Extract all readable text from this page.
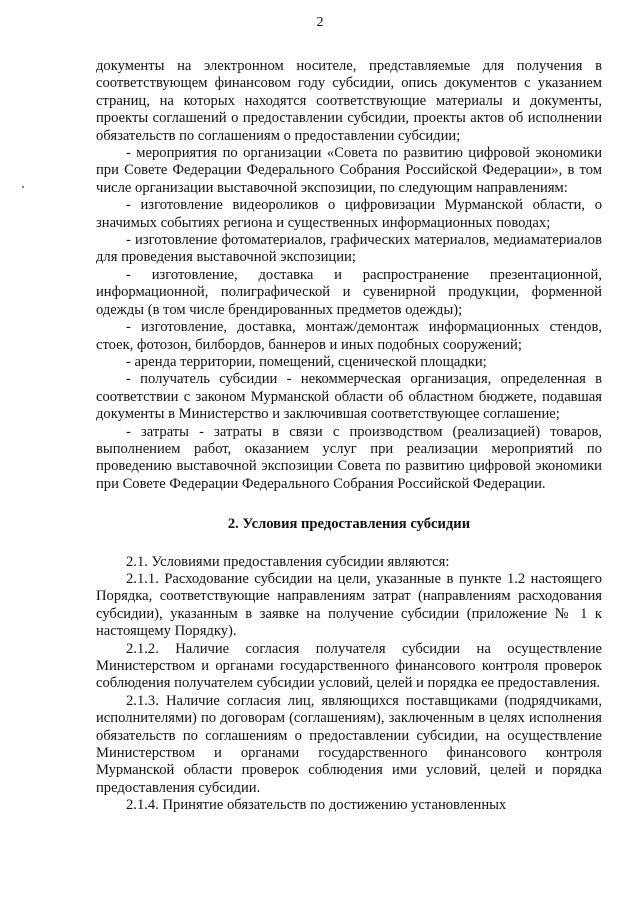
2

документы на электронном носителе, представляемые для получения в соответствующем финансовом году субсидии, опись документов с указанием страниц, на которых находятся соответствующие материалы и документы, проекты соглашений о предоставлении субсидии, проекты актов об исполнении обязательств по соглашениям о предоставлении субсидии;

- мероприятия по организации «Совета по развитию цифровой экономики при Совете Федерации Федерального Собрания Российской Федерации», в том числе организации выставочной экспозиции, по следующим направлениям:

- изготовление видеороликов о цифровизации Мурманской области, о значимых событиях региона и существенных информационных поводах;

- изготовление фотоматериалов, графических материалов, медиаматериалов для проведения выставочной экспозиции;

- изготовление, доставка и распространение презентационной, информационной, полиграфической и сувенирной продукции, форменной одежды (в том числе брендированных предметов одежды);

- изготовление, доставка, монтаж/демонтаж информационных стендов, стоек, фотозон, билбордов, баннеров и иных подобных сооружений;

- аренда территории, помещений, сценической площадки;

- получатель субсидии - некоммерческая организация, определенная в соответствии с законом Мурманской области об областном бюджете, подавшая документы в Министерство и заключившая соответствующее соглашение;

- затраты - затраты в связи с производством (реализацией) товаров, выполнением работ, оказанием услуг при реализации мероприятий по проведению выставочной экспозиции Совета по развитию цифровой экономики при Совете Федерации Федерального Собрания Российской Федерации.

2. Условия предоставления субсидии

2.1. Условиями предоставления субсидии являются:

2.1.1. Расходование субсидии на цели, указанные в пункте 1.2 настоящего Порядка, соответствующие направлениям затрат (направлениям расходования субсидии), указанным в заявке на получение субсидии (приложение № 1 к настоящему Порядку).

2.1.2. Наличие согласия получателя субсидии на осуществление Министерством и органами государственного финансового контроля проверок соблюдения получателем субсидии условий, целей и порядка ее предоставления.

2.1.3. Наличие согласия лиц, являющихся поставщиками (подрядчиками, исполнителями) по договорам (соглашениям), заключенным в целях исполнения обязательств по соглашениям о предоставлении субсидии, на осуществление Министерством и органами государственного финансового контроля Мурманской области проверок соблюдения ими условий, целей и порядка предоставления субсидии.

2.1.4. Принятие обязательств по достижению установленных
